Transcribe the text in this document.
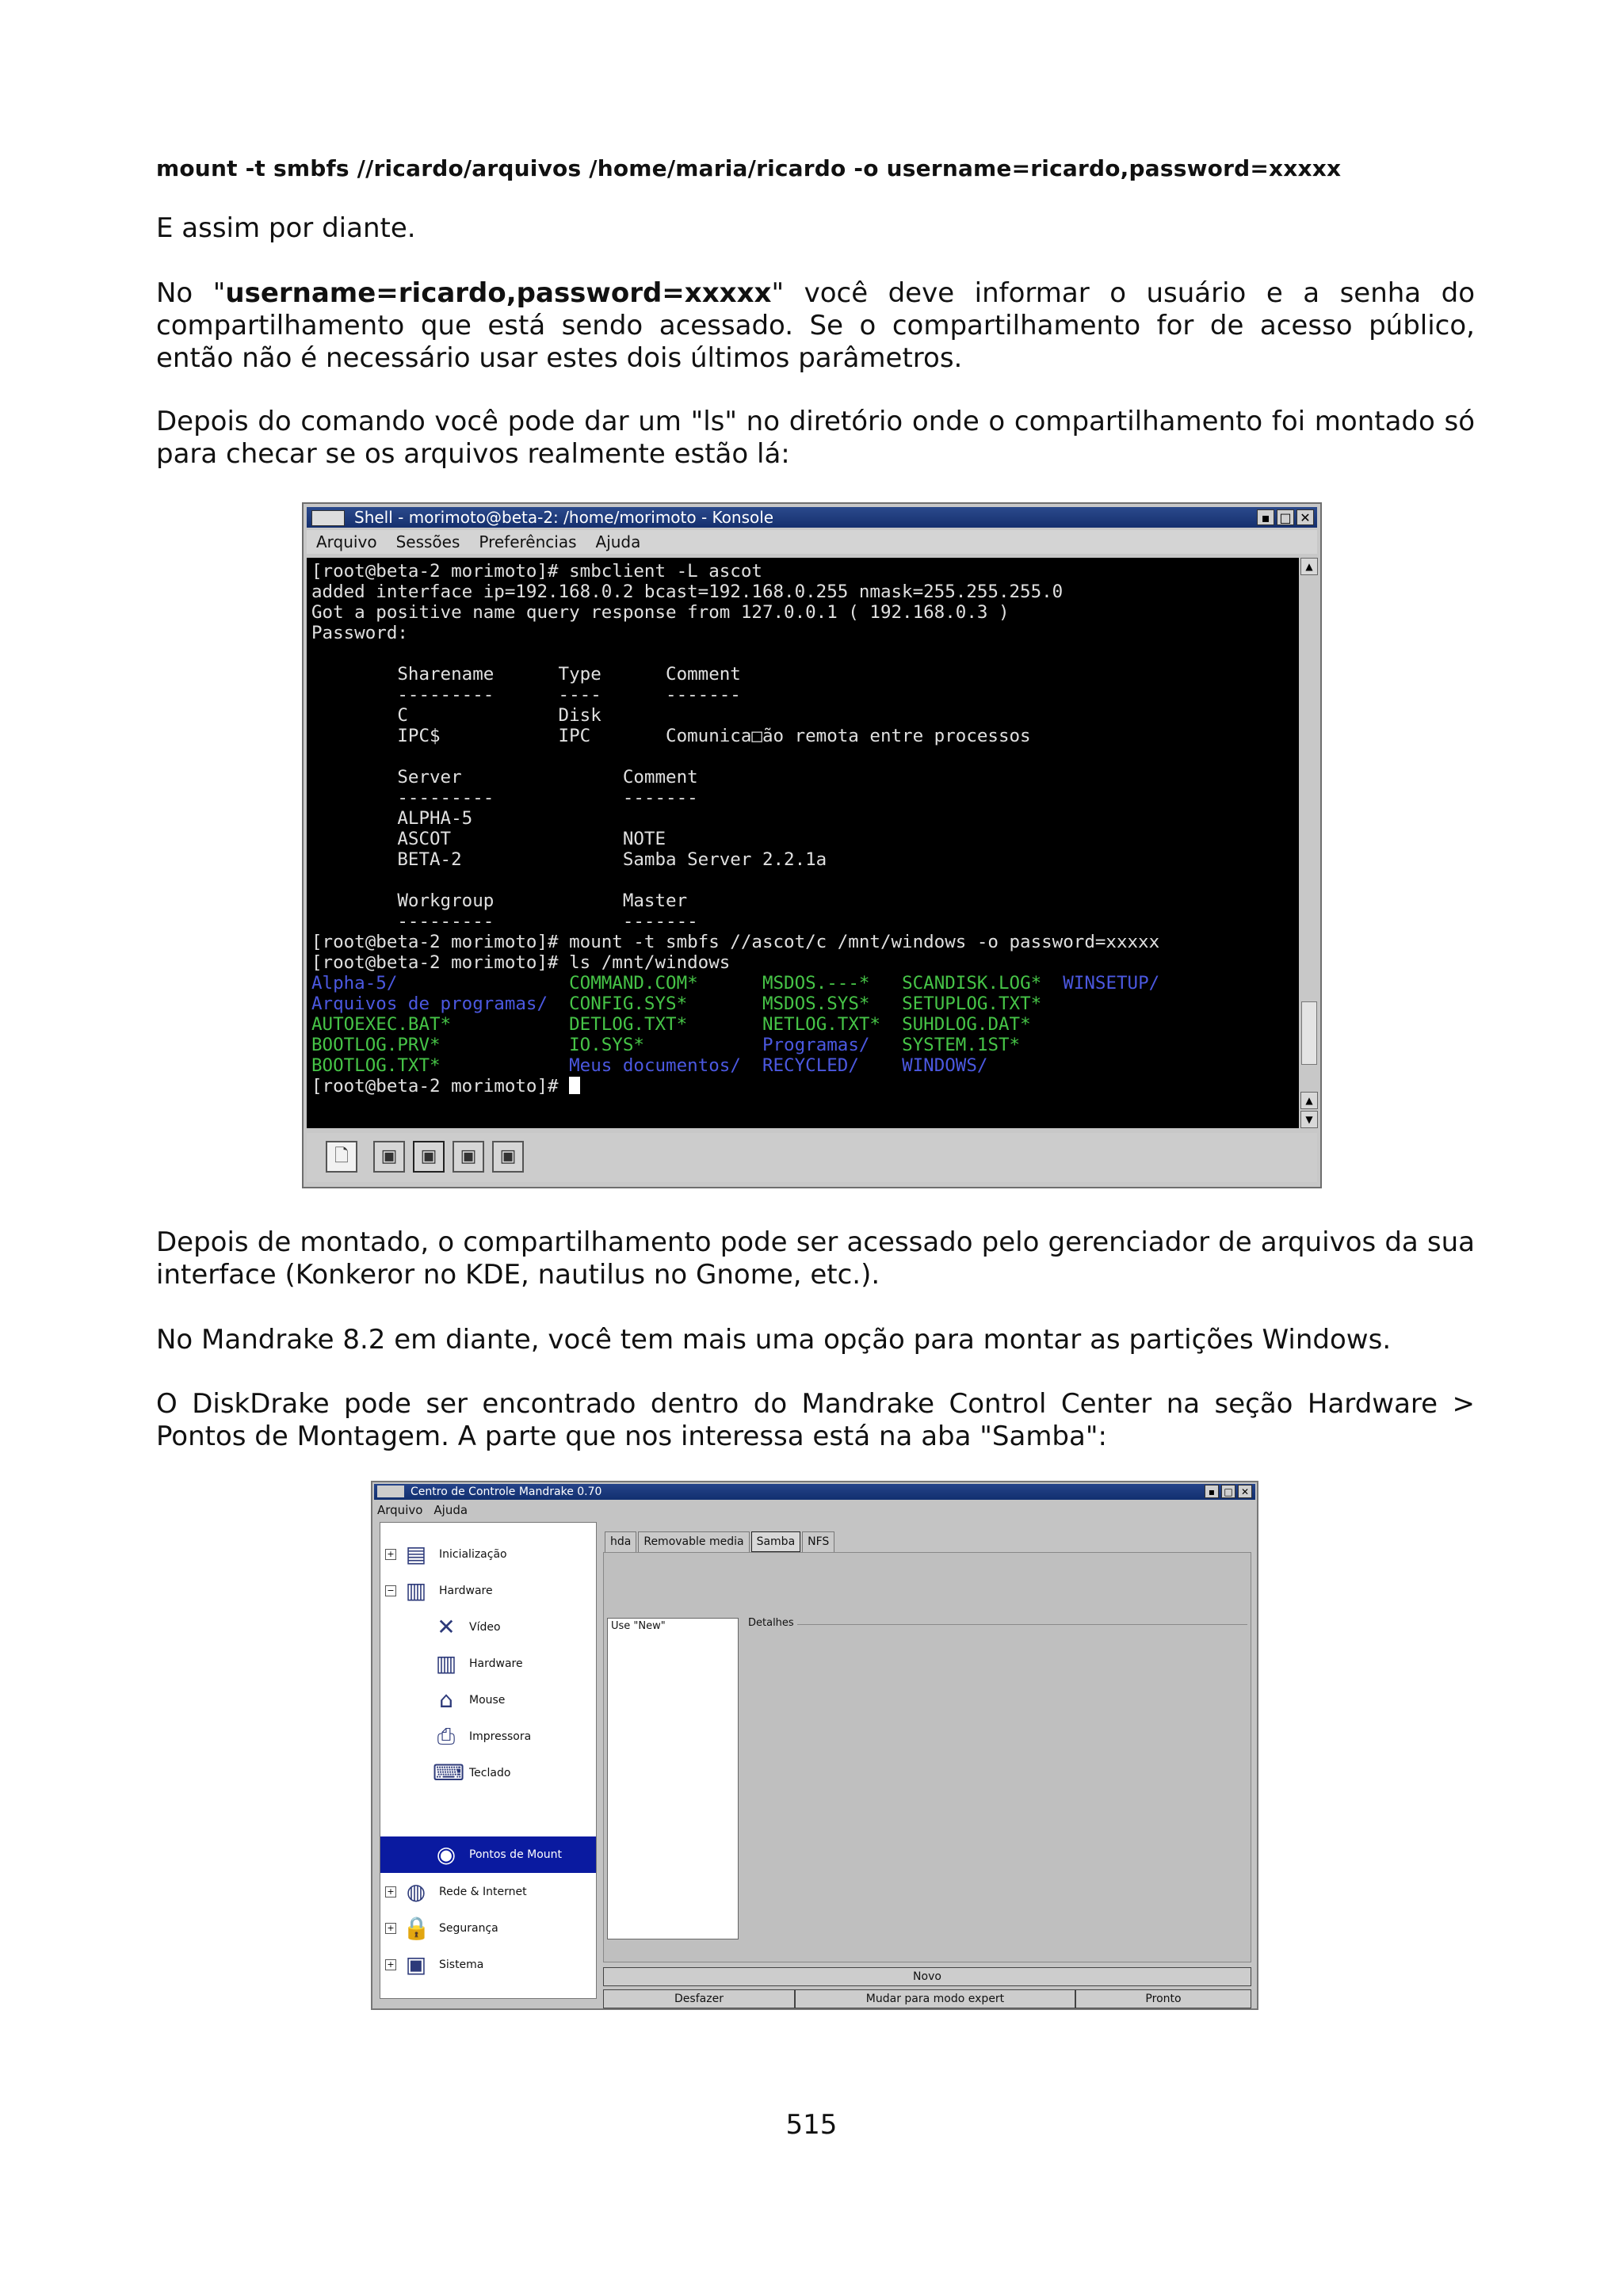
mount -t smbfs //ricardo/arquivos /home/maria/ricardo -o username=ricardo,password=xxxxx

E assim por diante.

No "username=ricardo,password=xxxxx" você deve informar o usuário e a senha do compartilhamento que está sendo acessado. Se o compartilhamento for de acesso público, então não é necessário usar estes dois últimos parâmetros.

Depois do comando você pode dar um "ls" no diretório onde o compartilhamento foi montado só para checar se os arquivos realmente estão lá:

Shell - morimoto@beta-2: /home/morimoto - Konsole	▪ □ ✕
Arquivo Sessões Preferências Ajuda
[root@beta-2 morimoto]# smbclient -L ascot
added interface ip=192.168.0.2 bcast=192.168.0.255 nmask=255.255.255.0
Got a positive name query response from 127.0.0.1 ( 192.168.0.3 )
Password:

Sharename      Type      Comment
---------      ----      -------
C              Disk
IPC$           IPC       Comunica□ão remota entre processos

Server               Comment
---------            -------
ALPHA-5
ASCOT                NOTE
BETA-2               Samba Server 2.2.1a

Workgroup            Master
---------            -------
[root@beta-2 morimoto]# mount -t smbfs //ascot/c /mnt/windows -o password=xxxxx
[root@beta-2 morimoto]# ls /mnt/windows
Alpha-5/	COMMAND.COM*	MSDOS.---* SCANDISK.LOG* WINSETUP/
Arquivos de programas/ CONFIG.SYS*	MSDOS.SYS* SETUPLOG.TXT*
AUTOEXEC.BAT*	DETLOG.TXT*	NETLOG.TXT* SUHDLOG.DAT*
BOOTLOG.PRV*	IO.SYS*	Programas/ SYSTEM.1ST*
BOOTLOG.TXT*	Meus documentos/ RECYCLED/ WINDOWS/
[root@beta-2 morimoto]#
▲
▲
▼
🗋	▣	▣	▣	▣

Depois de montado, o compartilhamento pode ser acessado pelo gerenciador de arquivos da sua interface (Konkeror no KDE, nautilus no Gnome, etc.).

No Mandrake 8.2 em diante, você tem mais uma opção para montar as partições Windows.

O DiskDrake pode ser encontrado dentro do Mandrake Control Center na seção Hardware > Pontos de Montagem. A parte que nos interessa está na aba "Samba":

Centro de Controle Mandrake 0.70	▪ □ ✕
Arquivo Ajuda
+ ▤ Inicialização
− ▥ Hardware
✕	Vídeo
▥ Hardware
⌂	Mouse
⎙	Impressora
⌨ Teclado
◉	Pontos de Mount
+ ◍	Rede & Internet
+ 🔒 Segurança
+ ▣ Sistema
hda	Removable media	Samba	NFS
Use "New"	Detalhes
Novo
Desfazer	Mudar para modo expert	Pronto
515
